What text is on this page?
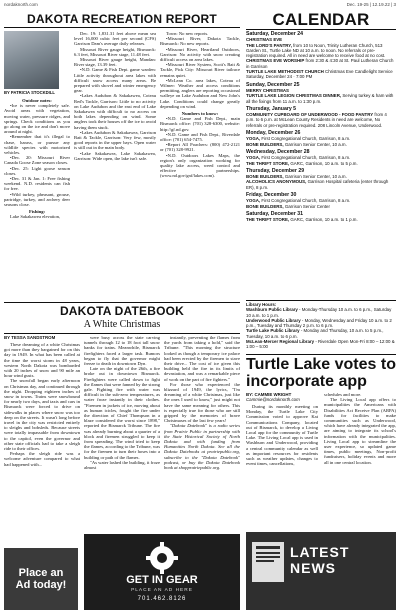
nordaknorth.com	Dec. 19-25 | 12.19.22 | 3
DAKOTA RECREATION REPORT
BY PATRICIA STOCKDILL

Outdoor notes:

•Ice is never completely safe. Avoid areas with vegetation, moving water, pressure ridges, and springs. Check conditions as you go along on the ice and don't move around at night.

•Remember that it's illegal to chase, harass, or pursue any wildlife species with motorized vehicles.

•Dec. 20: Missouri River Canada Goose Zone season closes.

•Dec. 25: Light goose season closes.

•Dec. 31 & Jan. 1: Free fishing weekend. N.D. residents can fish for free.

•Wild turkey, pheasant, grouse, partridge, turkey, and archery deer seasons close.

Fishing:

Lake Sakakawea elevation,

Dec. 19: 1,831.31 feet above mean sea level 16,000 cubic feet per second (CFS) Garrison Dam's average daily releases.

Missouri River gauge height, Bismarck: 6.3 feet, Missouri River stage, 11.48 feet.

Missouri River gauge height, Mandan: River stage, 13.39 feet.

•N.D. Game & Fish Dept. game warden: Little activity throughout area lakes with difficult snow access many areas. Be prepared with shovel and winter emergency gear.

•Lakes Audubon & Sakakawea, Coteau Red's Tackle, Garrison: Little to no activity on Lake Audubon and the east end of Lake Sakakawea with difficult to no access on both lakes depending on wind. Some anglers took their houses off the ice to avoid having them stuck.

•Lakes Audubon & Sakakawea, Garrison Bait & Tackle, Garrison: Very few, mostly good reports in the upper bays. Open water is still out in the main body.

•Lake Sakakawea, Lake Sakakawea, Garrison: Wide open, the lake isn't safe.

Town: No new reports.

•Missouri River, Dakota Tackle, Bismarck: No new reports.

•Missouri River, Heartland Outdoors, Garrison: No activity with snow creating difficult access on area lakes.

•Missouri River System, Scott's Bait & Tackle, Pick City: Missouri River tailrace remains quiet.

•McLean Co. area lakes, Coteau of Wilmer: Weather and access conditions permitting, anglers are reporting occasional walleye on Lake Audubon and New John's Lake. Conditions could change greatly depending on wind.

Numbers to know:

•N.D. Game and Fish Dept., main Bismarck office: (701) 328-6300, website: http://gf.nd.gov.

•N.D. Game and Fish Dept., Riverdale office: (701) 654-7475.

•Report All Poachers: (800) 472-2121 or (701) 328-9921.

•N.D. Outdoors Lakes Maps, the region's only organization working for quality lake access, weed control and effective partnerships. (www.nd.gov/gnf/lakes.com).

CALENDAR
Saturday, December 24
CHRISTMAS EVE
THE LORD'S PANTRY, from 10 to Noon, Trinity Lutheran Church, 513 Garden St., Turtle Lake ND at 10 a.m. to noon. No referrals or pre-registration required. All in need are welcome to receive food at no cost.
CHRISTMAS EVE WORSHIP from 2:30 & 4:30 at St. Paul Lutheran Church in Garrison
TURTLE LAKE METHODIST CHURCH Christmas Eve Candlelight Service Saturday, December 24 · 7:00 PM
Sunday, December 25
MERRY CHRISTMAS
TURTLE LAKE LEGION CHRISTMAS DINNER, Serving turkey & ham with all the fixings from 11 a.m. to 1:30 p.m.
Thursday, January 5
COMMUNITY CUPBOARD OF UNDERWOOD - FOOD PANTRY from 4 p.m. to 6 p.m. at McLean County Residents in need are welcome, No referrals or pre-registration required. 208 Lincoln Avenue, Underwood.
Monday, December 26
YOGA, First Congregational Church, Garrison, 8 a.m.
BONE BUILDERS, Garrison Senior Center, 10 a.m.
Wednesday, December 28
YOGA, First Congregational Church, Garrison, 8 a.m.
THE THRIFT STORE, GARC, Garrison, 10 a.m. to 5 p.m.
Thursday, December 29
BONE BUILDERS, Garrison Senior Center, 10 a.m.
ALCOHOLICS ANONYMOUS, Garrison Hospital cafeteria (enter through ER), 8 p.m.
Friday, December 30
YOGA, First Congregational Church, Garrison, 8 a.m.
BONE BUILDERS, Garrison Senior Center
Saturday, December 31
THE THRIFT STORE, GARC, Garrison, 10 a.m. to 1 p.m.
Library Hours:
Washburn Public Library - Monday-Thursday 10 a.m. to 6 p.m., Saturday 10 a.m. to 1 p.m.
Underwood Public Library - Monday, Wednesday and Friday 10 a.m. to 2 p.m., Tuesday and Thursday 2 p.m. to 6 p.m.
Turtle Lake Public Library - Monday and Thursday, 10 a.m. to 5 p.m., Tuesday, 10 a.m. to 6 p.m.
McLean-Mercer Regional Library - Riverdale Open Mon-Fri 8:00 – 12:00 & 1:00 – 5:00
DAKOTA DATEBOOK
A White Christmas
BY TESSA SANDSTROM

These dreaming of a white Christmas got more than they bargained for on this day in 1949. In what has been called at the time the worst storm in 48 years, western North Dakota was bombarded with 20 inches of snow and 90 mile an hour wind gusts.

The snowfall began early afternoon on Christmas day, and continued through the night. Dropping eighteen inches of snow in towns. Trains were snowbound for nearly two days, and taxis and cars in Bismarck were forced to drive on sidewalks in places where snow was too deep on the streets. It wasn't long before travel in the city was restricted entirely to sleighs and bobsleds. Because streets were totally impassable from downtown to the capitol, even the governor and other state officials had to take a sleigh ride to their offices.

Perhaps the sleigh ride was a welcome adventure compared to what had happened with...

were busy across the state carving tunnels through 12 to 18 foot tall snow banks for trains. Meanwhile, Bismarck firefighters faced a larger task. Rumors began to fly that the governor might freeze to death in downtown Dyn.

Late on the night of the 26th, a fire broke out in downtown Bismarck. Firefighters were called down to fight the flames that were fanned by the strong gale. Fighting fire with water was difficult in the sub-zero temperatures, as water froze instantly in their clothes. "Firemen in jackets of ice, moving about as human icicles, fought the fire under the direction of Chief Thompson in a blaze considered the worst since 1898," reported the Bismarck Tribune. The fire was already burning about a quarter of a block and firemen struggled to keep it from spreading. The wind tried to keep the flames, according to the Tribune, was for the firemen to turn their hoses into a building or path of the flames.

"As water lashed the building, it froze almost

instantly, preventing the flames from the yards from taking a hold," said the Tribune. "This morning the structure looked as though a temporary ice palace had been erected by the firemen to stave their drive... The cost of ice given this building held the fire in its limits of devastation, and was a remarkable piece of work on the part of fire fighters."

For those who experienced the blizzard of 1949, the lyrics, "I'm dreaming of a white Christmas, just like the ones I used to know," just might not have the same meaning for others. This is especially true for those who are still gripped by the memories of brave Christmases of the last few years!

"Dakota Datebook" is a radio series from Prairie Public in partnership with the State Historical Society of North Dakota and with funding from Humanities North Dakota. See all the Dakota Datebooks at prairiepublic.org, subscribe to the "Dakota Datebook" podcast, or buy the Dakota Datebook book at shopprairiepublic.org.

Place an
Ad today!	GET IN GEAR
PLACE AN AD HERE
701.462.8126
Turtle Lake votes to incorporate app
BY: CAMMIE WRIGHT
Cammie@nordaknorth.com

During its monthly meeting on Monday, the Turtle Lake City Commission voted to approve Kat Communications Company, located out of Bismarck, to develop a Living Local app for the community of Turtle Lake. The Living Local app is used in Washburn and Underwood, providing a central community calendar as well as important resources for residents such as weather updates, changes to event times, cancellations,

schedules and more.

The Living Local app offers to municipalities the Americans with Disabilities Act Receive Plan (ARPA) funds for facilities to make communities such as Underwood, which have already integrated the app, are aiming to integrate its school's information with the municipalities. Living Local app to streamline the user experience, so updated game times, public meetings, Non-profit fundraisers, holiday events and more all in one central location.

LATEST NEWS
